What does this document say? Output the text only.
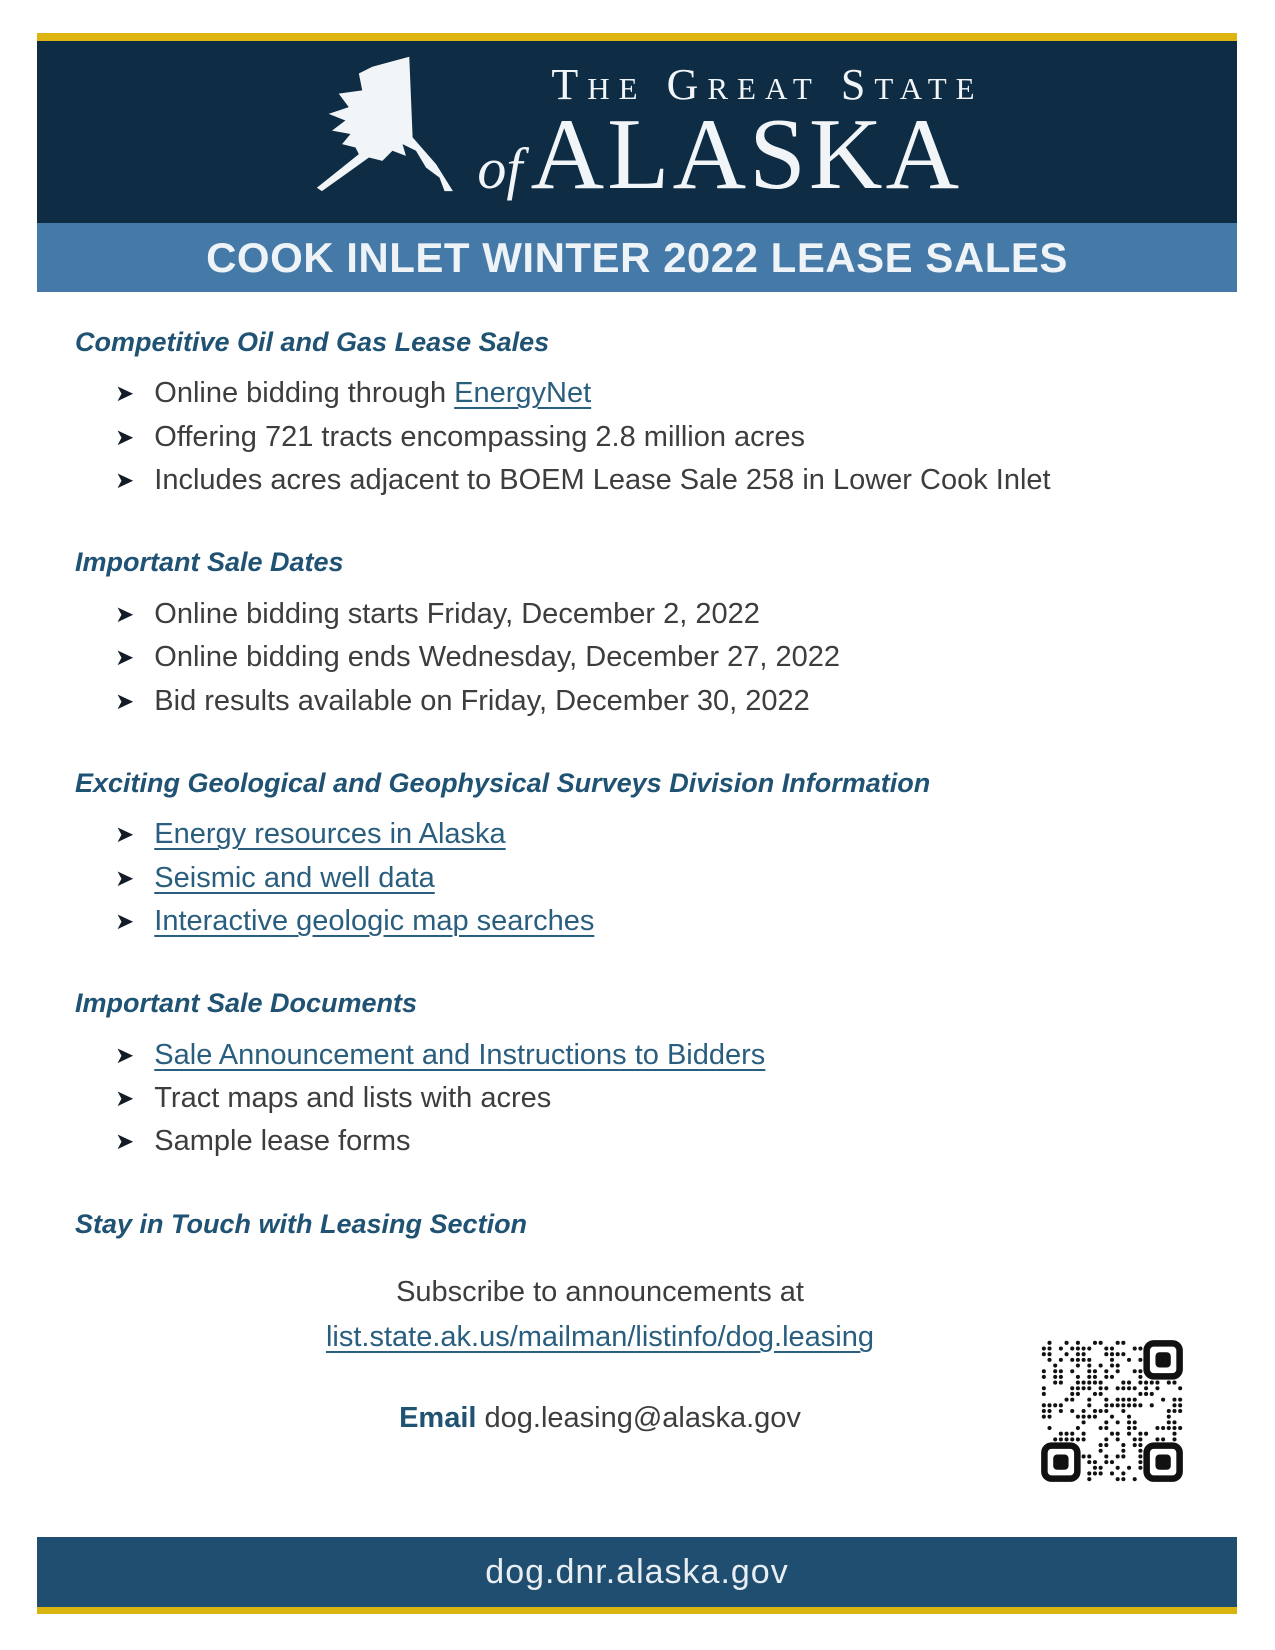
The Great State
of ALASKA
COOK INLET WINTER 2022 LEASE SALES
Competitive Oil and Gas Lease Sales
➤ Online bidding through EnergyNet
➤ Offering 721 tracts encompassing 2.8 million acres
➤ Includes acres adjacent to BOEM Lease Sale 258 in Lower Cook Inlet
Important Sale Dates
➤ Online bidding starts Friday, December 2, 2022
➤ Online bidding ends Wednesday, December 27, 2022
➤ Bid results available on Friday, December 30, 2022
Exciting Geological and Geophysical Surveys Division Information
➤ Energy resources in Alaska
➤ Seismic and well data
➤ Interactive geologic map searches
Important Sale Documents
➤ Sale Announcement and Instructions to Bidders
➤ Tract maps and lists with acres
➤ Sample lease forms
Stay in Touch with Leasing Section
Subscribe to announcements at
list.state.ak.us/mailman/listinfo/dog.leasing
Email dog.leasing@alaska.gov
dog.dnr.alaska.gov
